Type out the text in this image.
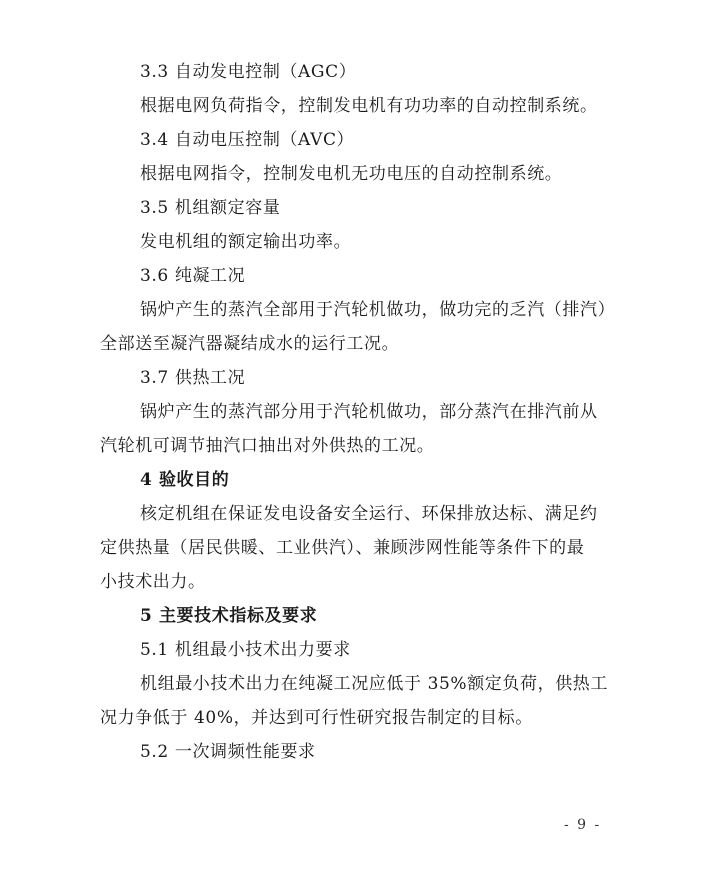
3.3 自动发电控制（AGC）
根据电网负荷指令，控制发电机有功功率的自动控制系统。
3.4 自动电压控制（AVC）
根据电网指令，控制发电机无功电压的自动控制系统。
3.5 机组额定容量
发电机组的额定输出功率。
3.6 纯凝工况
锅炉产生的蒸汽全部用于汽轮机做功，做功完的乏汽（排汽）
全部送至凝汽器凝结成水的运行工况。
3.7 供热工况
锅炉产生的蒸汽部分用于汽轮机做功，部分蒸汽在排汽前从
汽轮机可调节抽汽口抽出对外供热的工况。
4 验收目的
核定机组在保证发电设备安全运行、环保排放达标、满足约
定供热量（居民供暖、工业供汽）、兼顾涉网性能等条件下的最
小技术出力。
5 主要技术指标及要求
5.1 机组最小技术出力要求
机组最小技术出力在纯凝工况应低于 35%额定负荷，供热工
况力争低于 40%，并达到可行性研究报告制定的目标。
5.2 一次调频性能要求
- 9 -
